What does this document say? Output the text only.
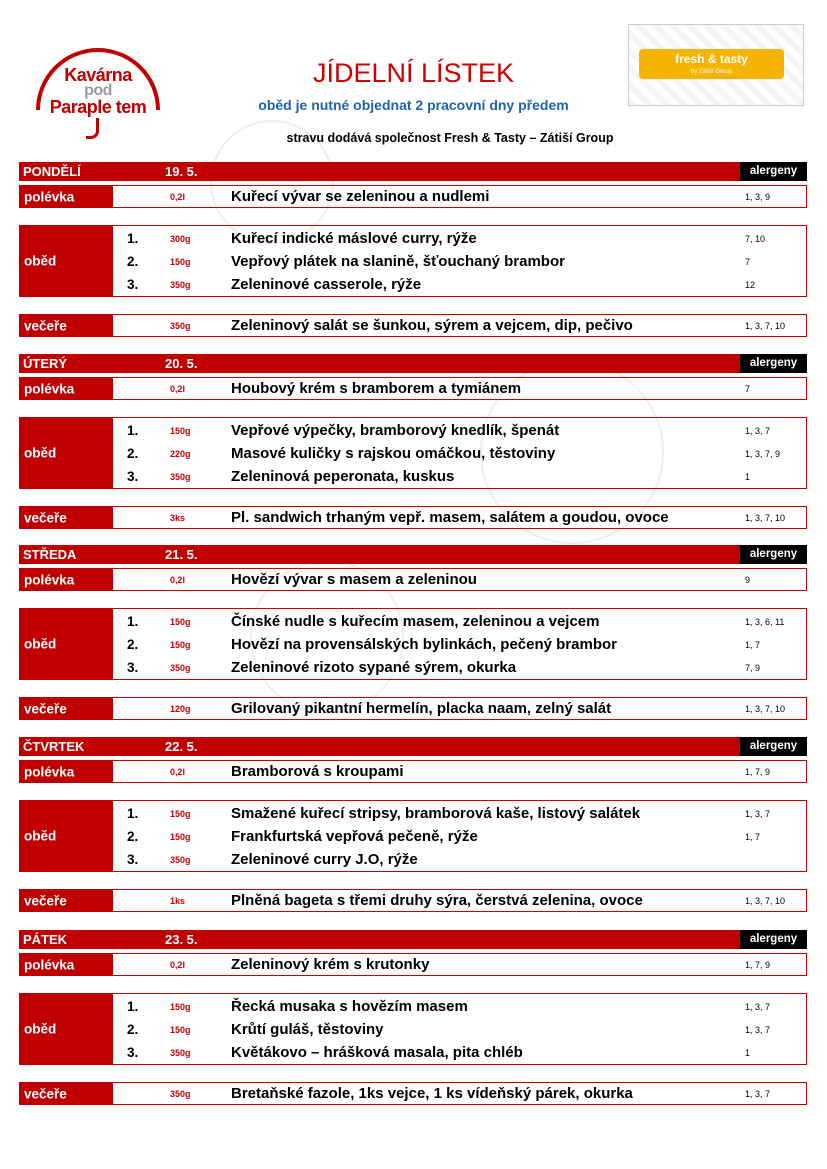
Kavárna
pod
Paraple tem
JÍDELNÍ LÍSTEK
oběd je nutné objednat 2 pracovní dny předem
stravu dodává společnost Fresh & Tasty – Zátiší Group
fresh & tasty
by Zátiší Group
PONDĚLÍ	19. 5.	alergeny
polévka	0,2l	Kuřecí vývar se zeleninou a nudlemi	1, 3, 9
oběd
1.	300g	Kuřecí indické máslové curry, rýže	7, 10
2.	150g	Vepřový plátek na slanině, šťouchaný brambor	7
3.	350g	Zeleninové casserole, rýže	12
večeře	350g	Zeleninový salát se šunkou, sýrem a vejcem, dip, pečivo	1, 3, 7, 10
ÚTERÝ	20. 5.	alergeny
polévka	0,2l	Houbový krém s bramborem a tymiánem	7
oběd
1.	150g	Vepřové výpečky, bramborový knedlík, špenát	1, 3, 7
2.	220g	Masové kuličky s rajskou omáčkou, těstoviny	1, 3, 7, 9
3.	350g	Zeleninová peperonata, kuskus	1
večeře	3ks	Pl. sandwich trhaným vepř. masem, salátem a goudou, ovoce	1, 3, 7, 10
STŘEDA	21. 5.	alergeny
polévka	0,2l	Hovězí vývar s masem a zeleninou	9
oběd
1.	150g	Čínské nudle s kuřecím masem, zeleninou a vejcem	1, 3, 6, 11
2.	150g	Hovězí na provensálských bylinkách, pečený brambor	1, 7
3.	350g	Zeleninové rizoto sypané sýrem, okurka	7, 9
večeře	120g	Grilovaný pikantní hermelín, placka naam, zelný salát	1, 3, 7, 10
ČTVRTEK	22. 5.	alergeny
polévka	0,2l	Bramborová s kroupami	1, 7, 9
oběd
1.	150g	Smažené kuřecí stripsy, bramborová kaše, listový salátek	1, 3, 7
2.	150g	Frankfurtská vepřová pečeně, rýže	1, 7
3.	350g	Zeleninové curry J.O, rýže
večeře	1ks	Plněná bageta s třemi druhy sýra, čerstvá zelenina, ovoce	1, 3, 7, 10
PÁTEK	23. 5.	alergeny
polévka	0,2l	Zeleninový krém s krutonky	1, 7, 9
oběd
1.	150g	Řecká musaka s hovězím masem	1, 3, 7
2.	150g	Krůtí guláš, těstoviny	1, 3, 7
3.	350g	Květákovo – hrášková masala, pita chléb	1
večeře	350g	Bretaňské fazole, 1ks vejce, 1 ks vídeňský párek, okurka	1, 3, 7
